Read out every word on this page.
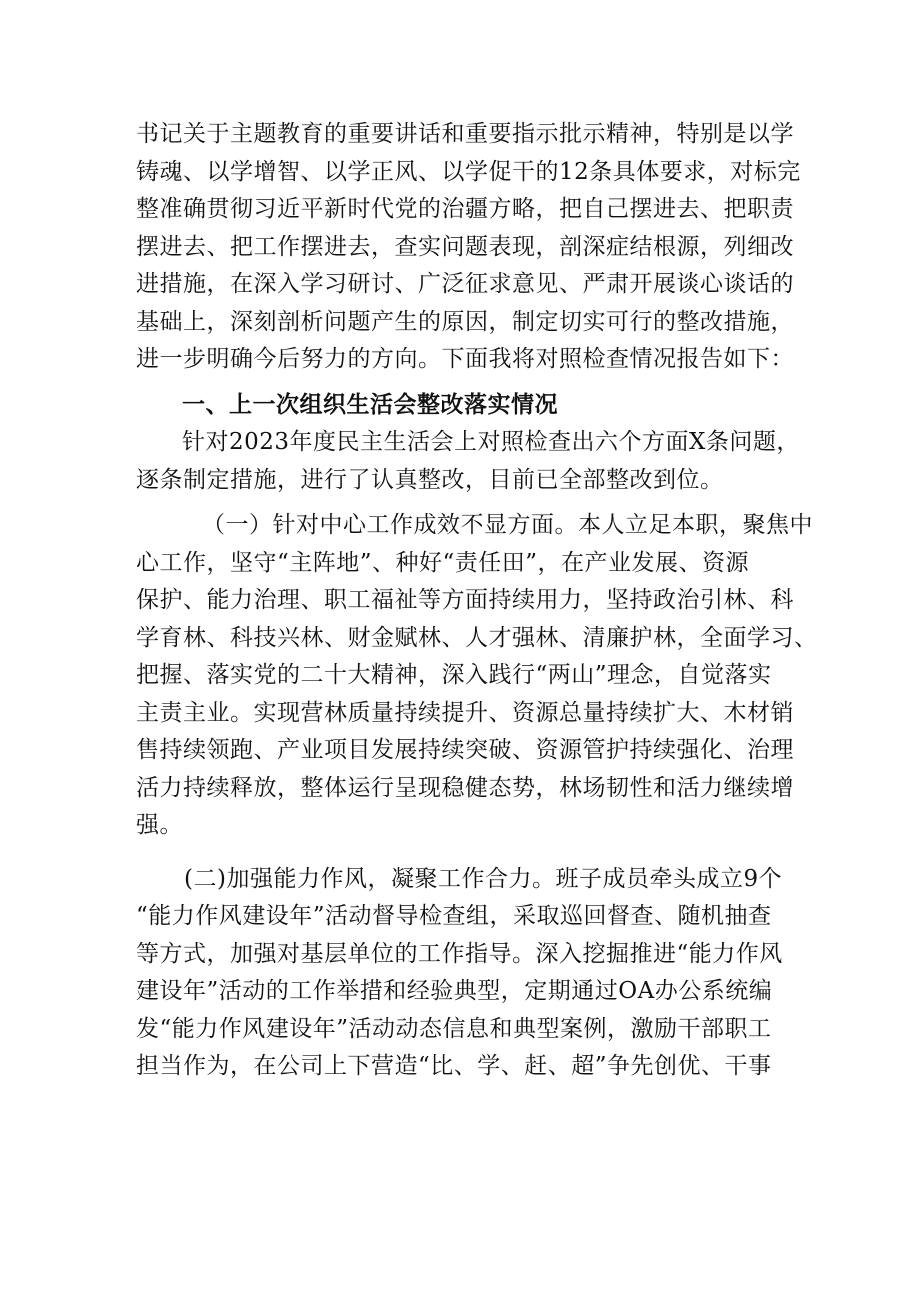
书记关于主题教育的重要讲话和重要指示批示精神，特别是以学
铸魂、以学增智、以学正风、以学促干的12条具体要求，对标完
整准确贯彻习近平新时代党的治疆方略，把自己摆进去、把职责
摆进去、把工作摆进去，查实问题表现，剖深症结根源，列细改
进措施，在深入学习研讨、广泛征求意见、严肃开展谈心谈话的
基础上，深刻剖析问题产生的原因，制定切实可行的整改措施，
进一步明确今后努力的方向。下面我将对照检查情况报告如下：
一、上一次组织生活会整改落实情况
针对2023年度民主生活会上对照检查出六个方面X条问题，
逐条制定措施，进行了认真整改，目前已全部整改到位。
（一）针对中心工作成效不显方面。本人立足本职，聚焦中
心工作，坚守“主阵地”、种好“责任田”，在产业发展、资源
保护、能力治理、职工福祉等方面持续用力，坚持政治引林、科
学育林、科技兴林、财金赋林、人才强林、清廉护林，全面学习、
把握、落实党的二十大精神，深入践行“两山”理念，自觉落实
主责主业。实现营林质量持续提升、资源总量持续扩大、木材销
售持续领跑、产业项目发展持续突破、资源管护持续强化、治理
活力持续释放，整体运行呈现稳健态势，林场韧性和活力继续增
强。
(二)加强能力作风，凝聚工作合力。班子成员牵头成立9个
“能力作风建设年”活动督导检查组，采取巡回督查、随机抽查
等方式，加强对基层单位的工作指导。深入挖掘推进“能力作风
建设年”活动的工作举措和经验典型，定期通过OA办公系统编
发“能力作风建设年”活动动态信息和典型案例，激励干部职工
担当作为，在公司上下营造“比、学、赶、超”争先创优、干事
